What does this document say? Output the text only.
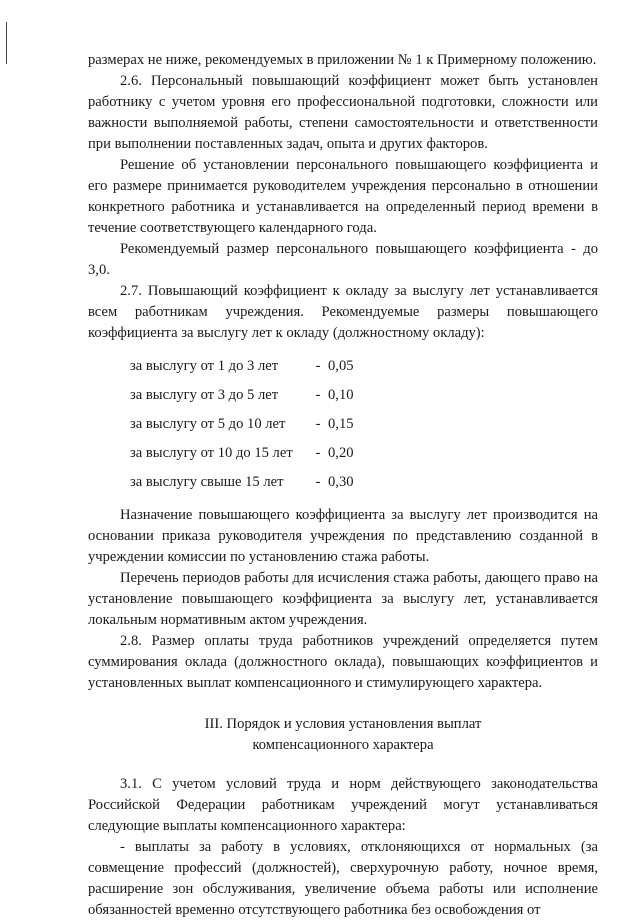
размерах не ниже, рекомендуемых в приложении № 1 к Примерному положению.

2.6. Персональный повышающий коэффициент может быть установлен работнику с учетом уровня его профессиональной подготовки, сложности или важности выполняемой работы, степени самостоятельности и ответственности при выполнении поставленных задач, опыта и других факторов.

Решение об установлении персонального повышающего коэффициента и его размере принимается руководителем учреждения персонально в отношении конкретного работника и устанавливается на определенный период времени в течение соответствующего календарного года.

Рекомендуемый размер персонального повышающего коэффициента - до 3,0.

2.7. Повышающий коэффициент к окладу за выслугу лет устанавливается всем работникам учреждения. Рекомендуемые размеры повышающего коэффициента за выслугу лет к окладу (должностному окладу):

за выслугу от 1 до 3 лет	-	0,05
за выслугу от 3 до 5 лет	-	0,10
за выслугу от 5 до 10 лет	-	0,15
за выслугу от 10 до 15 лет	-	0,20
за выслугу свыше 15 лет	-	0,30

Назначение повышающего коэффициента за выслугу лет производится на основании приказа руководителя учреждения по представлению созданной в учреждении комиссии по установлению стажа работы.

Перечень периодов работы для исчисления стажа работы, дающего право на установление повышающего коэффициента за выслугу лет, устанавливается локальным нормативным актом учреждения.

2.8. Размер оплаты труда работников учреждений определяется путем суммирования оклада (должностного оклада), повышающих коэффициентов и установленных выплат компенсационного и стимулирующего характера.

III. Порядок и условия установления выплат
компенсационного характера

3.1. С учетом условий труда и норм действующего законодательства Российской Федерации работникам учреждений могут устанавливаться следующие выплаты компенсационного характера:

- выплаты за работу в условиях, отклоняющихся от нормальных (за совмещение профессий (должностей), сверхурочную работу, ночное время, расширение зон обслуживания, увеличение объема работы или исполнение обязанностей временно отсутствующего работника без освобождения от
